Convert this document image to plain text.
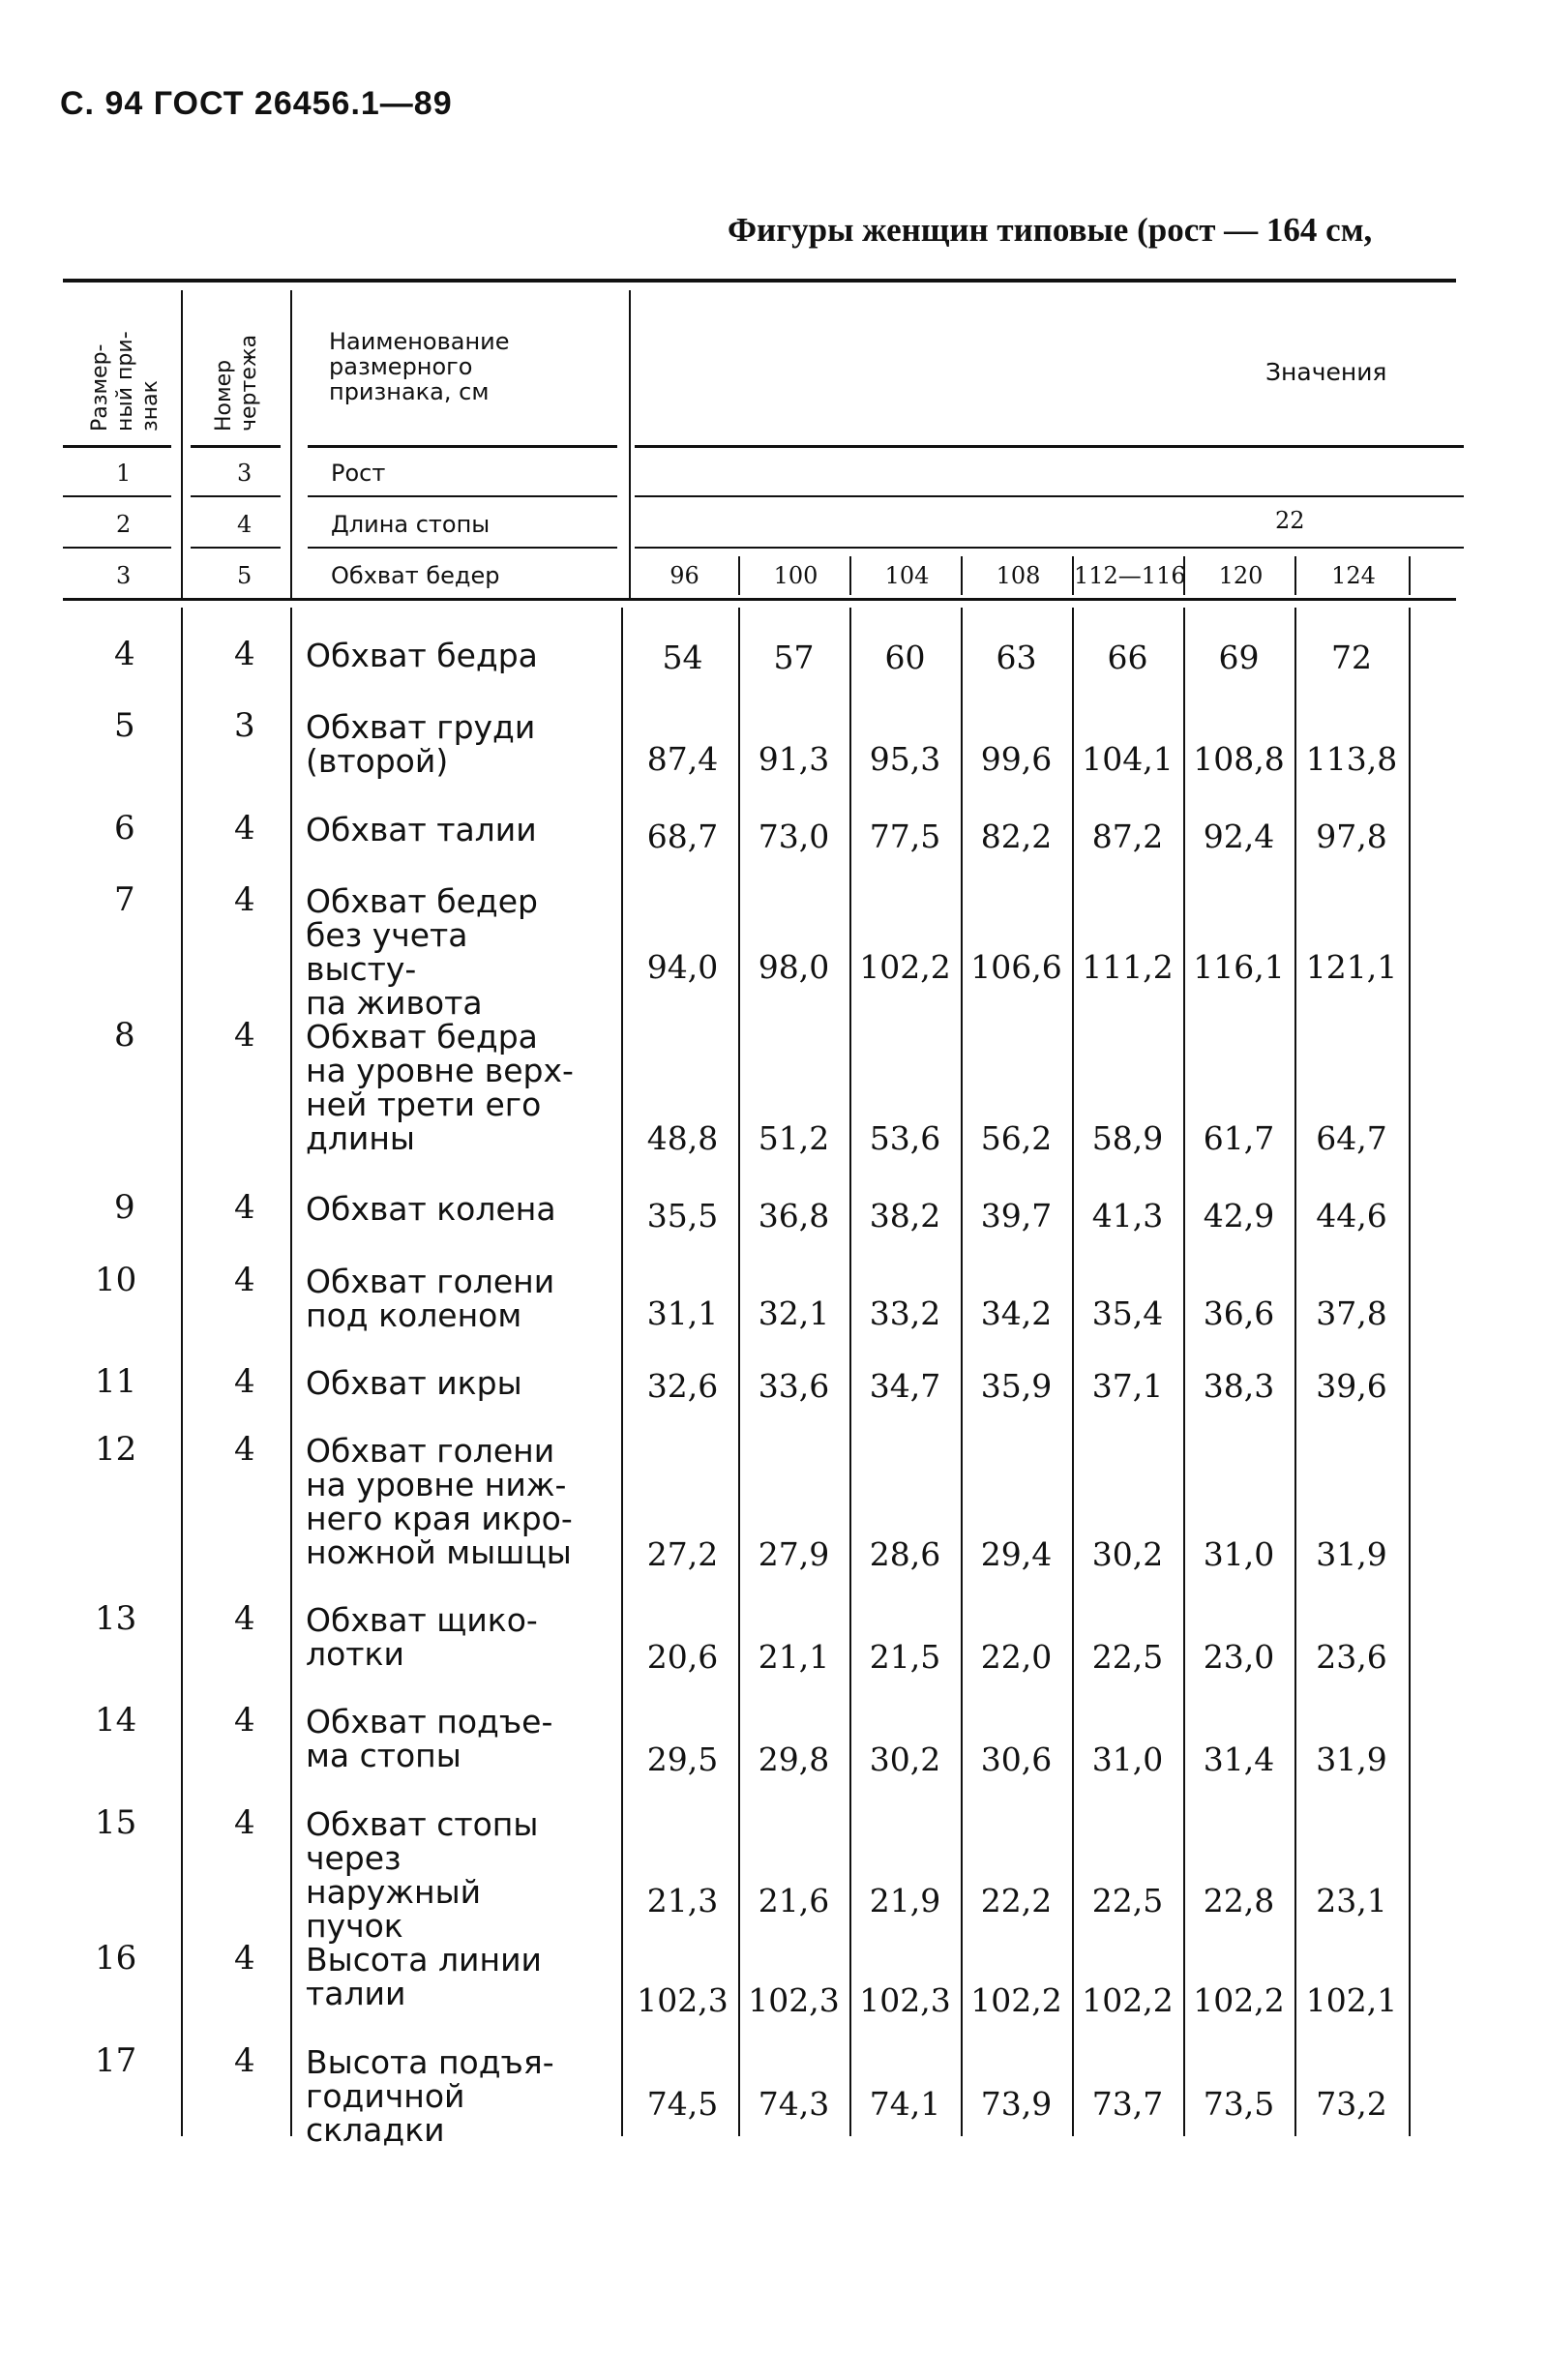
С. 94 ГОСТ 26456.1—89
Фигуры женщин типовые (рост — 164 см,
Размер- ный при- знак Номер чертежа	Наименование размерного признака, см
Значения
1	3	Рост
2	4	Длина стопы	22
3	5	Обхват бедер	96	100	104	108	112—116	120	124
4	4 Обхват бедра	54	57	60	63	66	69	72
5	3 Обхват груди
(второй)	87,4	91,3	95,3	99,6 104,1 108,8 113,8
6	4 Обхват талии	68,7	73,0	77,5	82,2	87,2	92,4	97,8
7	4 Обхват бедер
без учета высту-
па живота
94,0	98,0 102,2 106,6 111,2 116,1 121,1
8	4 Обхват бедра
на уровне верх-
ней трети его
длины	48,8	51,2	53,6	56,2	58,9	61,7	64,7
9	4 Обхват колена	35,5	36,8	38,2	39,7	41,3	42,9	44,6
10	4 Обхват голени
под коленом	31,1	32,1	33,2	34,2	35,4	36,6	37,8
11	4 Обхват икры	32,6	33,6	34,7	35,9	37,1	38,3	39,6
12	4 Обхват голени
на уровне ниж-
него края икро-
ножной мышцы	27,2	27,9	28,6	29,4	30,2	31,0	31,9
13	4 Обхват щико-
лотки	20,6	21,1	21,5	22,0	22,5	23,0	23,6
14	4 Обхват подъе-
ма стопы	29,5	29,8	30,2	30,6	31,0	31,4	31,9
15	4 Обхват стопы
через наружный
пучок
21,3	21,6	21,9	22,2	22,5	22,8	23,1
16	4 Высота линии
талии	102,3 102,3 102,3 102,2 102,2 102,2 102,1
17	4 Высота подъя-
годичной складки
74,5	74,3	74,1	73,9	73,7	73,5	73,2
